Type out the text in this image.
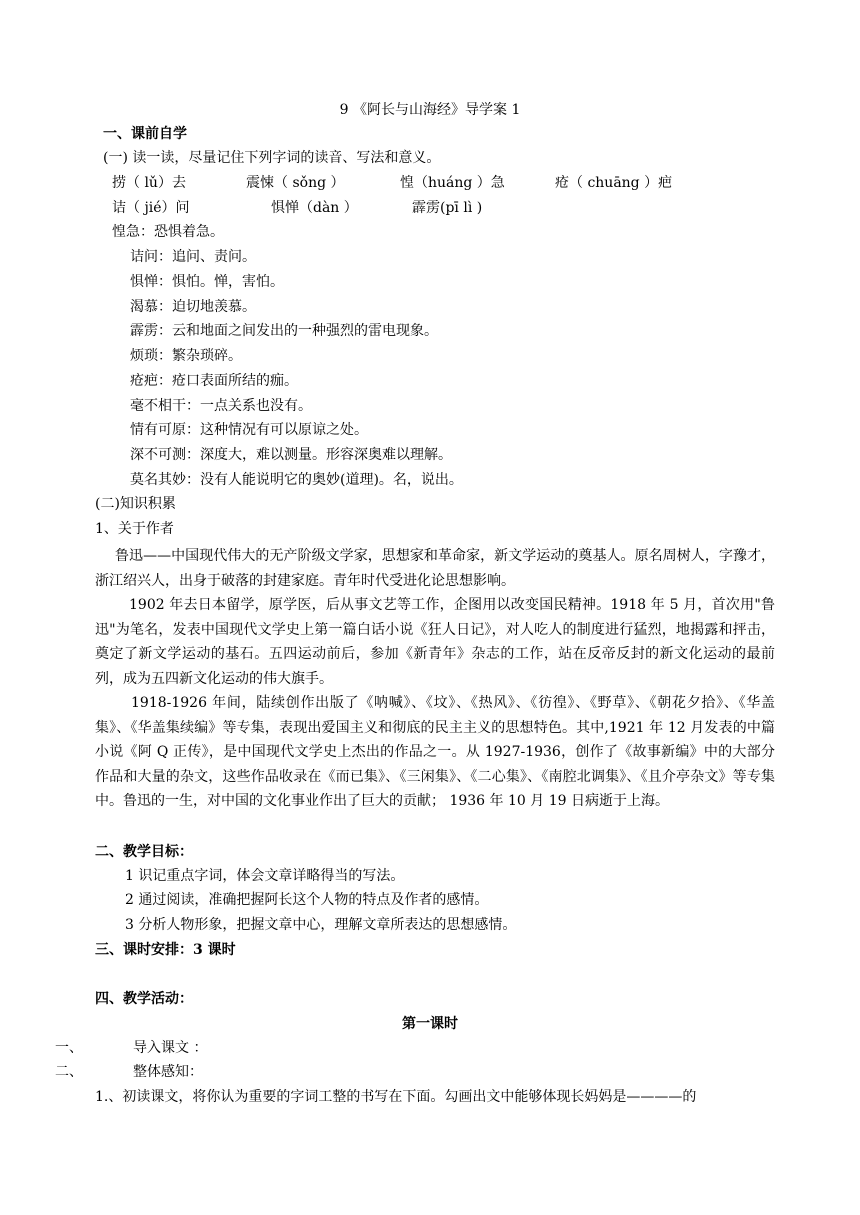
9 《阿长与山海经》导学案 1
一、课前自学
(一) 读一读，尽量记住下列字词的读音、写法和意义。
捞（ lǔ）去	震悚（ sǒng ）	惶（huáng ）急	疮（ chuāng ）疤
诘（ jié）问	惧惮（dàn ）	霹雳(pī lì )
惶急：恐惧着急。
诘问：追问、责问。
惧惮：惧怕。惮，害怕。
渴慕：迫切地羡慕。
霹雳：云和地面之间发出的一种强烈的雷电现象。
烦琐：繁杂琐碎。
疮疤：疮口表面所结的痂。
毫不相干：一点关系也没有。
情有可原：这种情况有可以原谅之处。
深不可测：深度大，难以测量。形容深奥难以理解。
莫名其妙：没有人能说明它的奥妙(道理)。名，说出。
(二)知识积累
1、关于作者
鲁迅——中国现代伟大的无产阶级文学家，思想家和革命家，新文学运动的奠基人。原名周树人，字豫才，浙江绍兴人，出身于破落的封建家庭。青年时代受进化论思想影响。
1902 年去日本留学，原学医，后从事文艺等工作，企图用以改变国民精神。1918 年 5 月，首次用"鲁迅"为笔名，发表中国现代文学史上第一篇白话小说《狂人日记》，对人吃人的制度进行猛烈，地揭露和抨击，奠定了新文学运动的基石。五四运动前后，参加《新青年》杂志的工作，站在反帝反封的新文化运动的最前列，成为五四新文化运动的伟大旗手。
1918-1926 年间，陆续创作出版了《呐喊》、《坟》、《热风》、《彷徨》、《野草》、《朝花夕拾》、《华盖集》、《华盖集续编》等专集，表现出爱国主义和彻底的民主主义的思想特色。其中,1921 年 12 月发表的中篇小说《阿 Q 正传》，是中国现代文学史上杰出的作品之一。从 1927-1936，创作了《故事新编》中的大部分作品和大量的杂文，这些作品收录在《而已集》、《三闲集》、《二心集》、《南腔北调集》、《且介亭杂文》等专集中。鲁迅的一生，对中国的文化事业作出了巨大的贡献； 1936 年 10 月 19 日病逝于上海。
二、教学目标：
1 识记重点字词，体会文章详略得当的写法。
2 通过阅读，准确把握阿长这个人物的特点及作者的感情。
3 分析人物形象，把握文章中心，理解文章所表达的思想感情。
三、课时安排：3 课时
四、教学活动：
第一课时
一、	导入课文 ：
二、	整体感知：
1.、初读课文，将你认为重要的字词工整的书写在下面。勾画出文中能够体现长妈妈是————的
